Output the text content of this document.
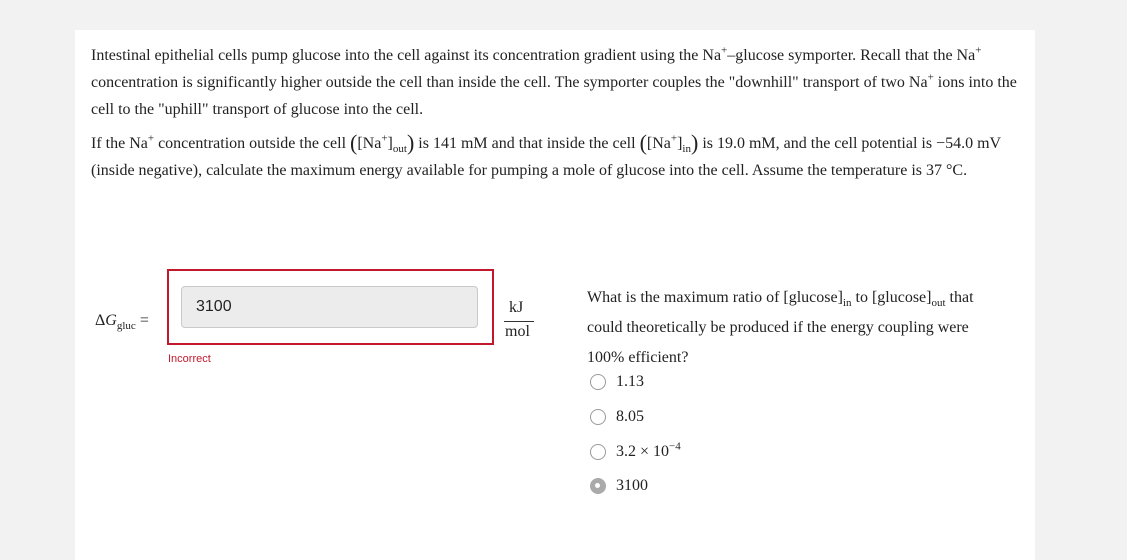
Intestinal epithelial cells pump glucose into the cell against its concentration gradient using the Na+–glucose symporter. Recall that the Na+ concentration is significantly higher outside the cell than inside the cell. The symporter couples the "downhill" transport of two Na+ ions into the cell to the "uphill" transport of glucose into the cell.
If the Na+ concentration outside the cell $([Na^+]_{out})$ is 141 mM and that inside the cell $([Na^+]_{in})$ is 19.0 mM, and the cell potential is −54.0 mV (inside negative), calculate the maximum energy available for pumping a mole of glucose into the cell. Assume the temperature is 37 °C.
$\Delta G_{gluc}$ =
3100	kJ
mol
Incorrect
What is the maximum ratio of $[glucose]_{in}$ to $[glucose]_{out}$ that could theoretically be produced if the energy coupling were 100% efficient?
1.13
8.05
$3.2 \times 10^{-4}$
3100
